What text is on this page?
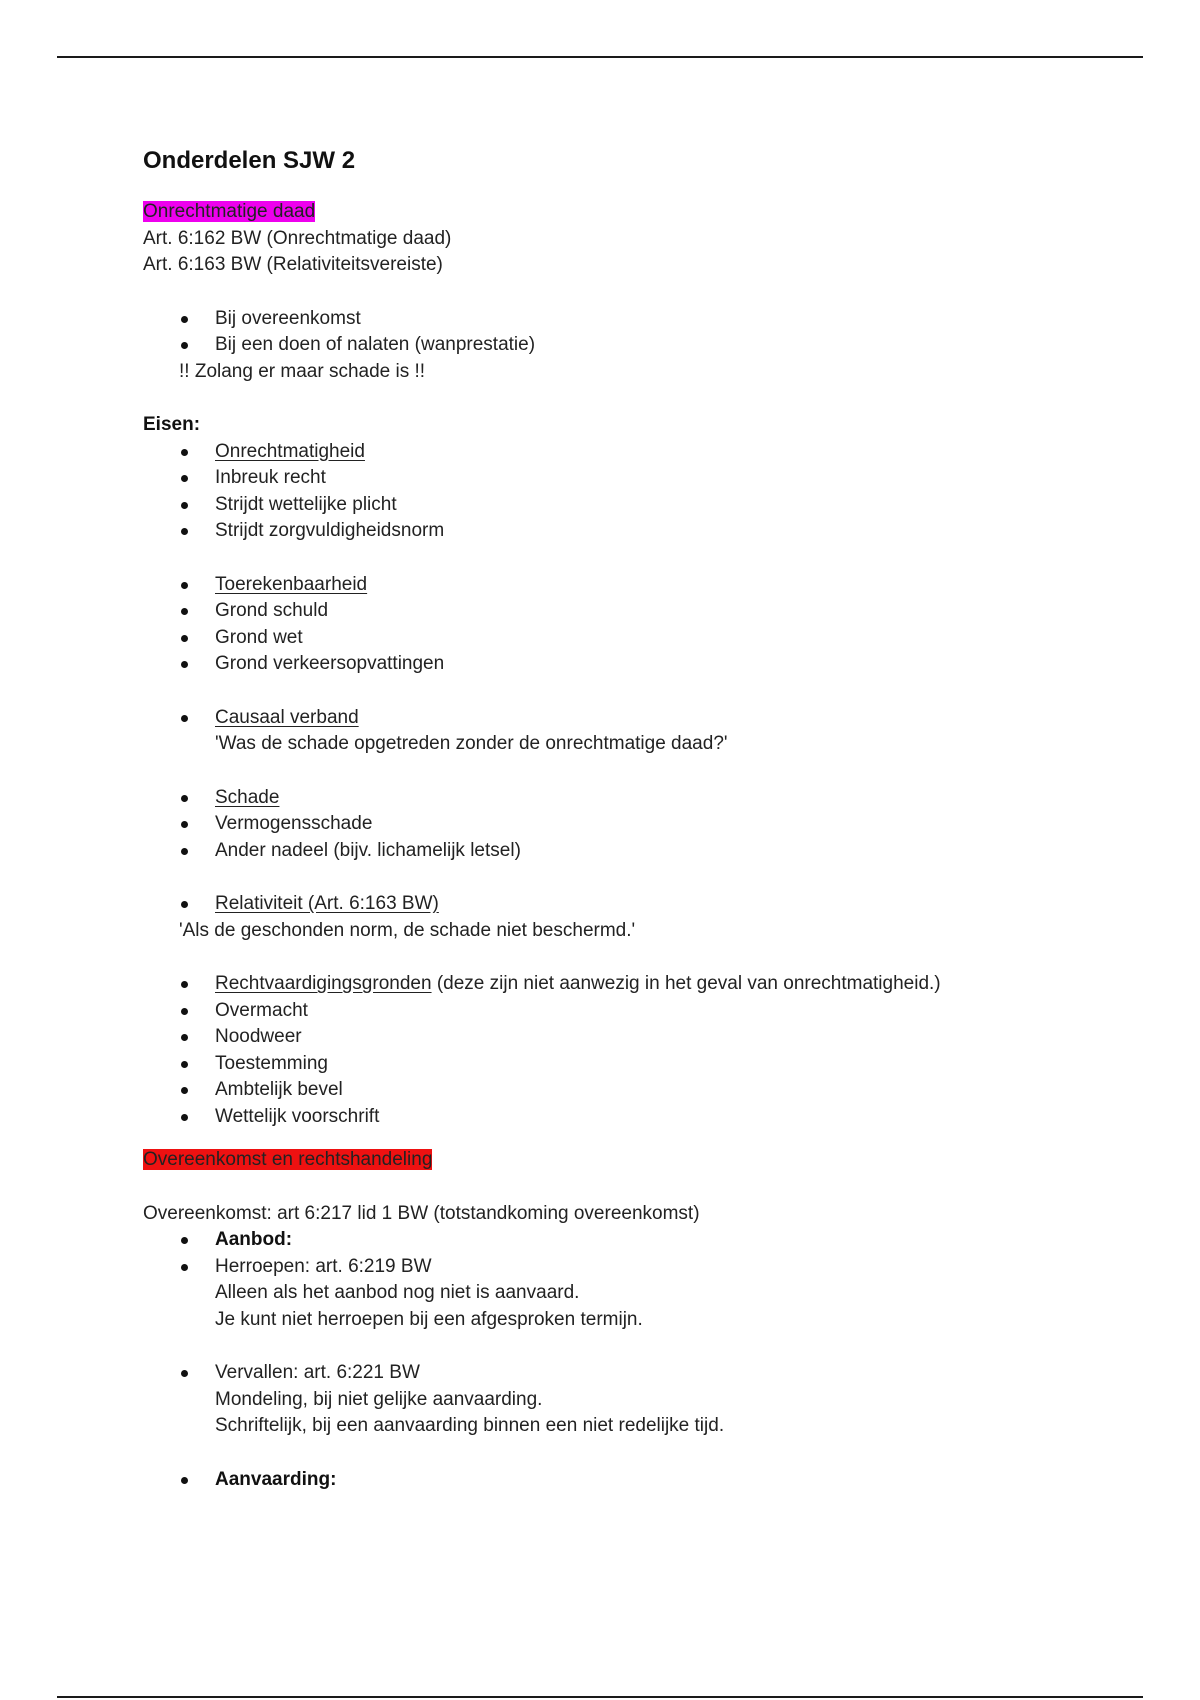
Onderdelen SJW 2
Onrechtmatige daad
Art. 6:162 BW (Onrechtmatige daad)
Art. 6:163 BW (Relativiteitsvereiste)
Bij overeenkomst
Bij een doen of nalaten (wanprestatie)
!! Zolang er maar schade is !!
Eisen:
Onrechtmatigheid
Inbreuk recht
Strijdt wettelijke plicht
Strijdt zorgvuldigheidsnorm
Toerekenbaarheid
Grond schuld
Grond wet
Grond verkeersopvattingen
Causaal verband
'Was de schade opgetreden zonder de onrechtmatige daad?'
Schade
Vermogensschade
Ander nadeel (bijv. lichamelijk letsel)
Relativiteit (Art. 6:163 BW)
'Als de geschonden norm, de schade niet beschermd.'
Rechtvaardigingsgronden (deze zijn niet aanwezig in het geval van onrechtmatigheid.)
Overmacht
Noodweer
Toestemming
Ambtelijk bevel
Wettelijk voorschrift
Overeenkomst en rechtshandeling
Overeenkomst: art 6:217 lid 1 BW (totstandkoming overeenkomst)
Aanbod:
Herroepen: art. 6:219 BW
Alleen als het aanbod nog niet is aanvaard.
Je kunt niet herroepen bij een afgesproken termijn.
Vervallen: art. 6:221 BW
Mondeling, bij niet gelijke aanvaarding.
Schriftelijk, bij een aanvaarding binnen een niet redelijke tijd.
Aanvaarding:
